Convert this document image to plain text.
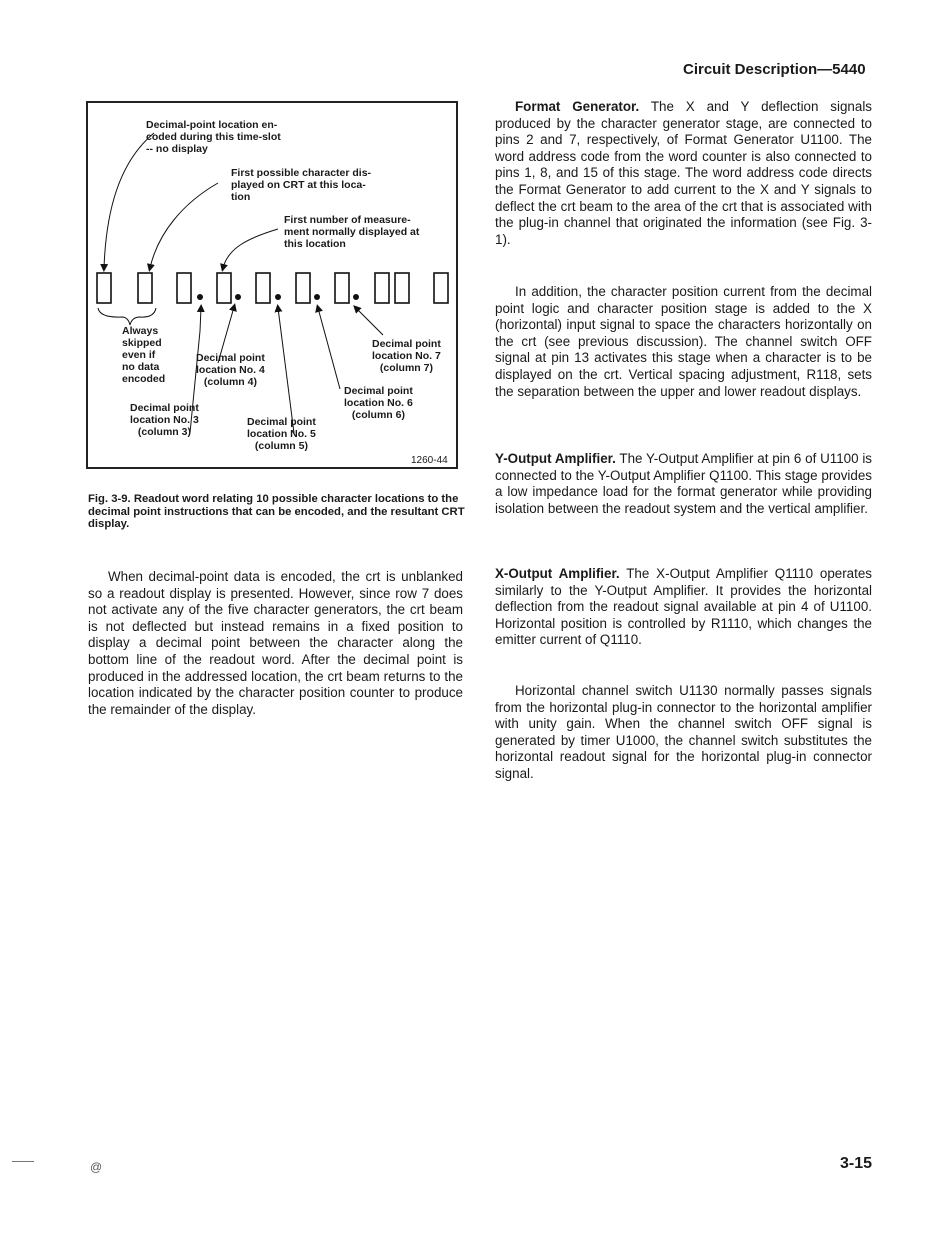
Circuit Description—5440
Decimal-point location en-
coded during this time-slot
-- no display
First possible character dis-
played on CRT at this loca-
tion
First number of measure-
ment normally displayed at
this location
Always
skipped
even if
no data
encoded
Decimal point
location No. 4
(column 4)
Decimal point
location No. 7
(column 7)
Decimal point
location No. 6
(column 6)
Decimal point
location No. 3
(column 3)
Decimal point
location No. 5
(column 5)
1260-44
Fig. 3-9. Readout word relating 10 possible character locations to the decimal point instructions that can be encoded, and the resultant CRT display.

When decimal-point data is encoded, the crt is unblanked so a readout display is presented. However, since row 7 does not activate any of the five character generators, the crt beam is not deflected but instead remains in a fixed position to display a decimal point between the character along the bottom line of the readout word. After the decimal point is produced in the addressed location, the crt beam returns to the location indicated by the character position counter to produce the remainder of the display.

Format Generator. The X and Y deflection signals produced by the character generator stage, are connected to pins 2 and 7, respectively, of Format Generator U1100. The word address code from the word counter is also connected to pins 1, 8, and 15 of this stage. The word address code directs the Format Generator to add current to the X and Y signals to deflect the crt beam to the area of the crt that is associated with the plug-in channel that originated the information (see Fig. 3-1).

In addition, the character position current from the decimal point logic and character position stage is added to the X (horizontal) input signal to space the characters horizontally on the crt (see previous discussion). The channel switch OFF signal at pin 13 activates this stage when a character is to be displayed on the crt. Vertical spacing adjustment, R118, sets the separation between the upper and lower readout displays.

Y-Output Amplifier. The Y-Output Amplifier at pin 6 of U1100 is connected to the Y-Output Amplifier Q1100. This stage provides a low impedance load for the format generator while providing isolation between the readout system and the vertical amplifier.

X-Output Amplifier. The X-Output Amplifier Q1110 operates similarly to the Y-Output Amplifier. It provides the horizontal deflection from the readout signal available at pin 4 of U1100. Horizontal position is controlled by R1110, which changes the emitter current of Q1110.

Horizontal channel switch U1130 normally passes signals from the horizontal plug-in connector to the horizontal amplifier with unity gain. When the channel switch OFF signal is generated by timer U1000, the channel switch substitutes the horizontal readout signal for the horizontal plug-in connector signal.

@	3-15
